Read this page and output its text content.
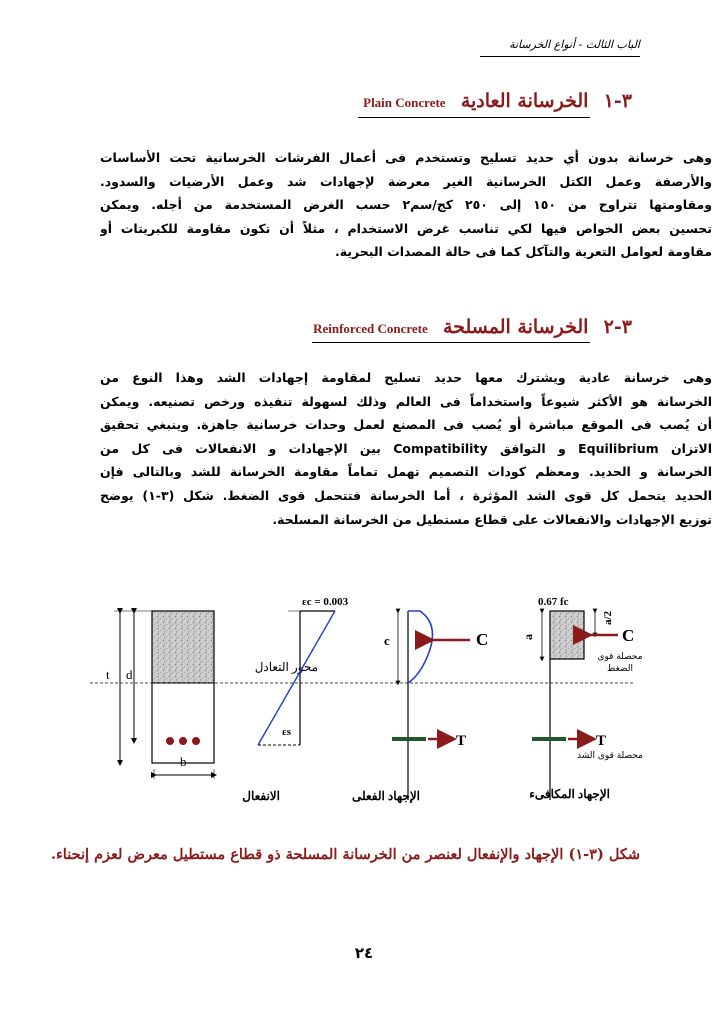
الباب الثالث - أنواع الخرسانة
٣-١   الخرسانة العادية   Plain Concrete
وهى خرسانة بدون أي حديد تسليح وتستخدم فى أعمال الفرشات الخرسانية تحت الأساسات
والأرصفة وعمل الكتل الخرسانية الغير معرضة لإجهادات شد وعمل الأرضيات والسدود.
ومقاومتها تتراوح من ١٥٠ إلى ٢٥٠ كج/سم٢ حسب الغرض المستخدمة من أجله. ويمكن
تحسين بعض الخواص فيها لكي تناسب غرض الاستخدام ، مثلاً أن تكون مقاومة للكبريتات أو
مقاومة لعوامل التعرية والتآكل كما فى حالة المصدات البحرية.
٣-٢   الخرسانة المسلحة   Reinforced Concrete
وهى خرسانة عادية ويشترك معها حديد تسليح لمقاومة إجهادات الشد وهذا النوع من
الخرسانة هو الأكثر شيوعاً واستخداماً فى العالم وذلك لسهولة تنفيذه ورخص تصنيعه. ويمكن
أن يُصب فى الموقع مباشرة أو يُصب فى المصنع لعمل وحدات خرسانية جاهزة. وينبغي تحقيق
الاتزان Equilibrium و التوافق Compatibility بين الإجهادات و الانفعالات فى كل من
الخرسانة و الحديد. ومعظم كودات التصميم تهمل تماماً مقاومة الخرسانة للشد وبالتالى فإن
الحديد يتحمل كل قوى الشد المؤثرة ، أما الخرسانة فتتحمل قوى الضغط. شكل (٣-١) يوضح
توزيع الإجهادات والانفعالات على قطاع مستطيل من الخرسانة المسلحة.
t d
b
محور التعادل
εc = 0.003
εs
c	C
T
0.67 fc
a
a/2
C
T
محصلة قوى الضغط
محصلة قوى الشد
الانفعال	الإجهاد الفعلى	الإجهاد المكافىء
شكل (٣-١) الإجهاد والإنفعال لعنصر من الخرسانة المسلحة ذو قطاع مستطيل معرض لعزم إنحناء.
٢٤
